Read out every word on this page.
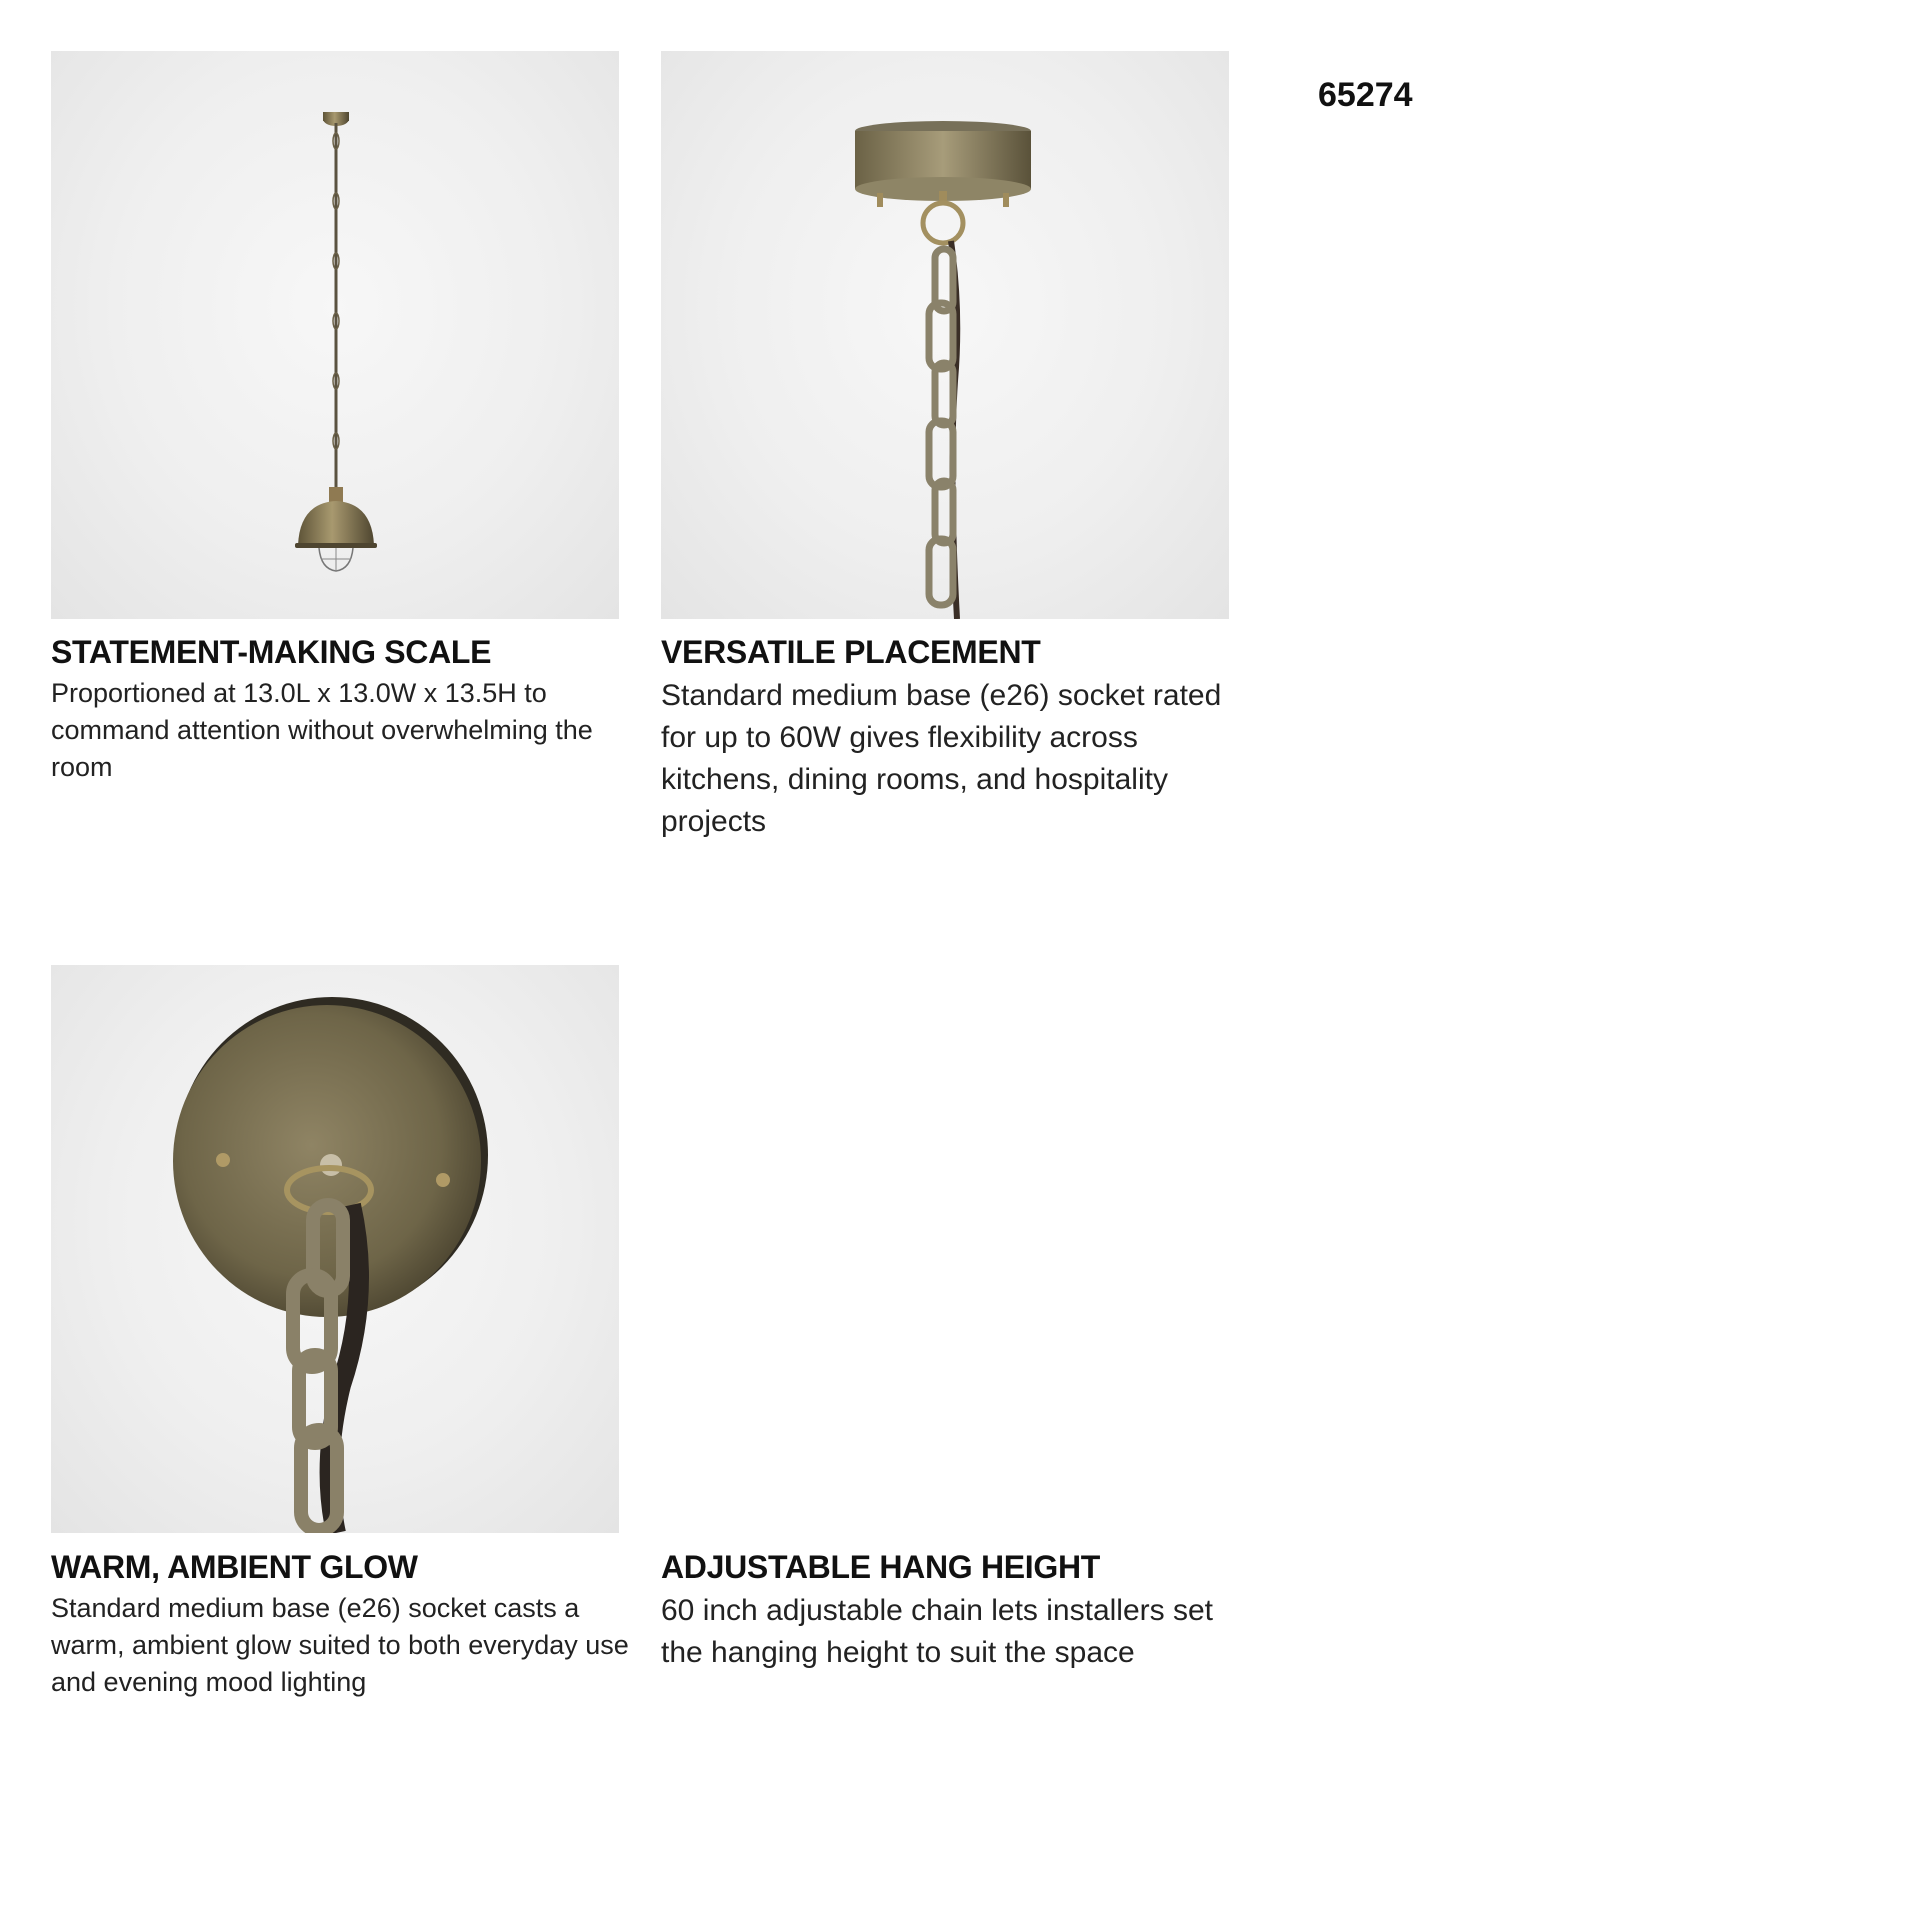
STATEMENT-MAKING SCALE

Proportioned at 13.0L x 13.0W x 13.5H to command attention without overwhelming the room

VERSATILE PLACEMENT

Standard medium base (e26) socket rated for up to 60W gives flexibility across kitchens, dining rooms, and hospitality projects

WARM, AMBIENT GLOW

Standard medium base (e26) socket casts a warm, ambient glow suited to both everyday use and evening mood lighting

ADJUSTABLE HANG HEIGHT

60 inch adjustable chain lets installers set the hanging height to suit the space

65274
